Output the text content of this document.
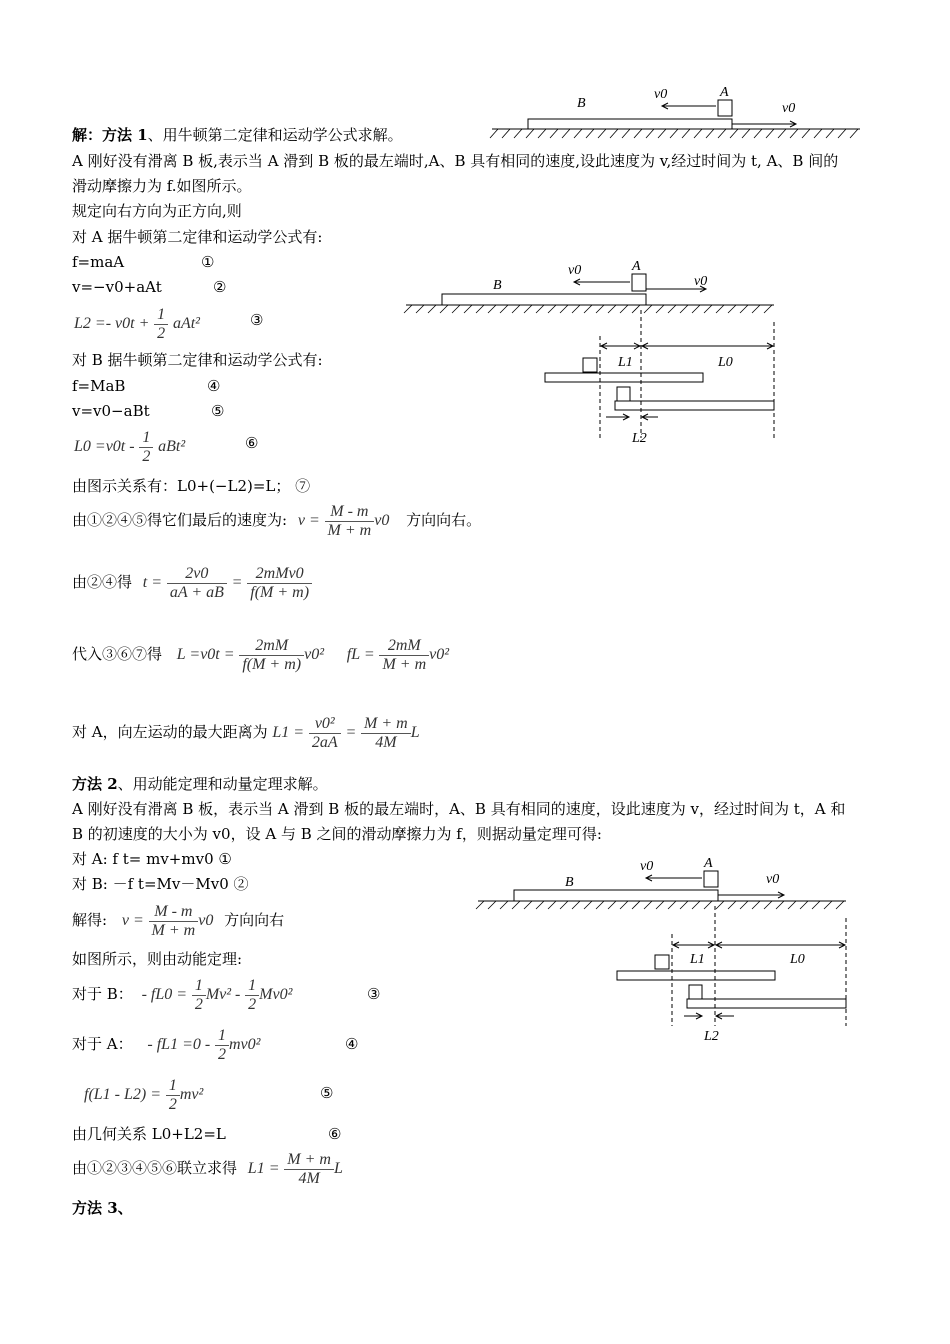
解：方法 1、用牛顿第二定律和运动学公式求解。
A 刚好没有滑离 B 板,表示当 A 滑到 B 板的最左端时,A、B 具有相同的速度,设此速度为 v,经过时间为 t, A、B 间的
滑动摩擦力为 f.如图所示。
规定向右方向为正方向,则
对 A 据牛顿第二定律和运动学公式有:
f=maA	①
v=−v0+aAt	②
$L2 =- v0t + \frac{1}{2} aAt^2$	③
对 B 据牛顿第二定律和运动学公式有:
f=MaB	④
v=v0−aBt	⑤
$L0 =v0t - \frac{1}{2} aBt^2$	⑥
由图示关系有：L0+(−L2)=L； ⑦
由①②④⑤得它们最后的速度为: $v = \frac{M - m}{M + m} v0$ 方向向右。
由②④得 $t = \frac{2v0}{aA + aB} = \frac{\text{2mMv0}}{f(M + m)}$
代入③⑥⑦得 $L =v0t = \frac{2mM}{f(M + m)} v0^2$ fL = $\frac{2mM}{M + m} v0^2$
对 A，向左运动的最大距离为 $L1 = \frac{\text{v0²}}{2aA} = \frac{M + m}{4M}$ L
方法 2、用动能定理和动量定理求解。
A 刚好没有滑离 B 板，表示当 A 滑到 B 板的最左端时，A、B 具有相同的速度，设此速度为 v，经过时间为 t，A 和
B 的初速度的大小为 v0，设 A 与 B 之间的滑动摩擦力为 f，则据动量定理可得:
对 A: f t= mv+mv0 ①
对 B: －f t=Mv－Mv0 ②
解得: $v = \frac{M - m}{M + m} v0$ 方向向右
如图所示，则由动能定理:
对于 B： - $fL0 = \frac{1}{2} Mv^2 - \frac{1}{2} Mv0^2$	③
对于 A： - $fL1 =0 - \frac{1}{2} mv0^2$	④
$f(L1 - L2) = \frac{1}{2} mv^2$	⑤
由几何关系 L0+L2=L	⑥
由①②③④⑤⑥联立求得 $L1 = \frac{M + m}{4M}$ L
方法 3、
B
A
v0
v0
B
A
v0
v0
L1	L0
L2
B
A
v0
v0
L1	L0
L2
